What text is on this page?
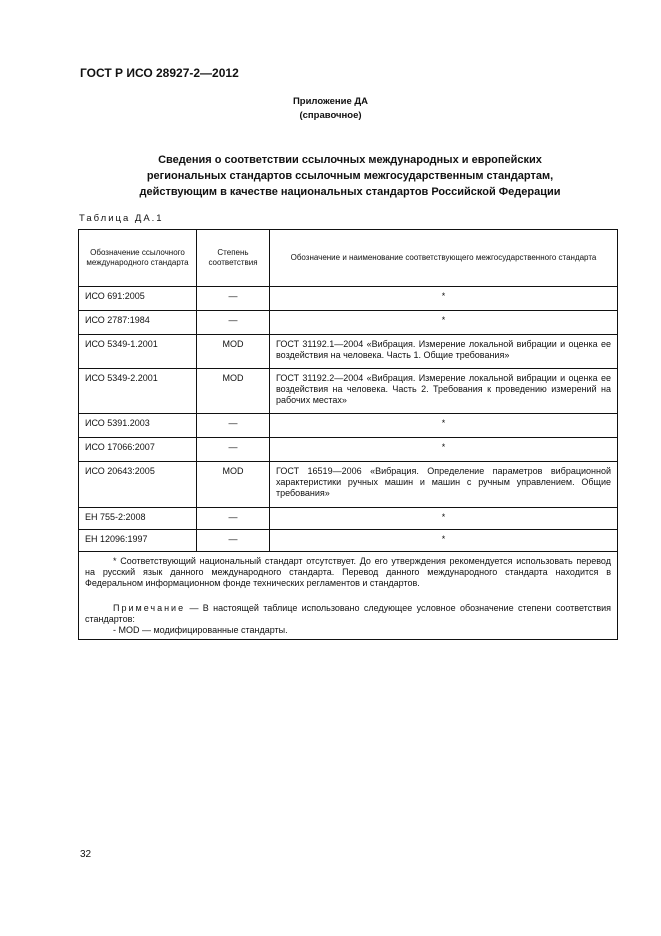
ГОСТ Р ИСО 28927-2—2012
Приложение ДА
(справочное)
Сведения о соответствии ссылочных международных и европейских
региональных стандартов ссылочным межгосударственным стандартам,
действующим в качестве национальных стандартов Российской Федерации
Таблица ДА.1
Обозначение ссылочного международного стандарта	Степень соответствия	Обозначение и наименование соответствующего межгосударственного стандарта
ИСО 691:2005	—	*
ИСО 2787:1984	—	*
ИСО 5349-1.2001	MOD	ГОСТ 31192.1—2004 «Вибрация. Измерение локальной вибрации и оценка ее воздействия на человека. Часть 1. Общие требования»
ИСО 5349-2.2001	MOD	ГОСТ 31192.2—2004 «Вибрация. Измерение локальной вибрации и оценка ее воздействия на человека. Часть 2. Требования к проведению измерений на рабочих местах»
ИСО 5391.2003	—	*
ИСО 17066:2007	—	*
ИСО 20643:2005	MOD	ГОСТ 16519—2006 «Вибрация. Определение параметров вибрационной характеристики ручных машин и машин с ручным управлением. Общие требования»
ЕН 755-2:2008	—	*
ЕН 12096:1997	—	*

* Соответствующий национальный стандарт отсутствует. До его утверждения рекомендуется использовать перевод на русский язык данного международного стандарта. Перевод данного международного стандарта находится в Федеральном информационном фонде технических регламентов и стандартов.

Примечание — В настоящей таблице использовано следующее условное обозначение степени соответствия стандартов:

- MOD — модифицированные стандарты.		

32
